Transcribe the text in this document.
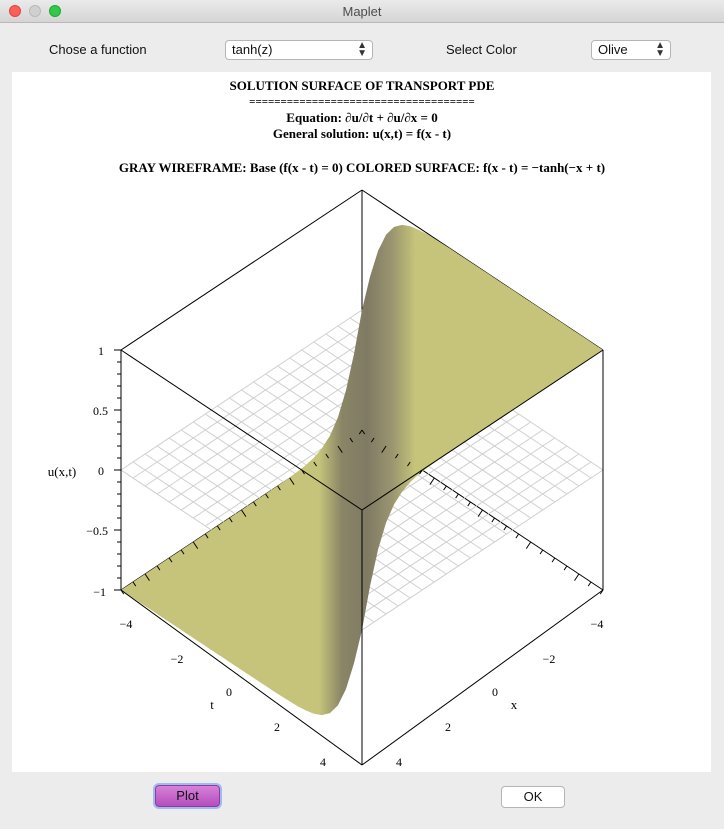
Maplet
Chose a function	tanh(z)	▲
▼	Select Color	Olive	▲
▼
SOLUTION SURFACE OF TRANSPORT PDE
====================================
Equation: ∂u/∂t + ∂u/∂x = 0
General solution: u(x,t) = f(x - t)
GRAY WIREFRAME: Base (f(x - t) = 0) COLORED SURFACE: f(x - t) = −tanh(−x + t)
1
0.5
0
−0.5
−1
u(x,t)
−4
−2
0
2
4
t
−4
−2
0
2
4
x
Plot	OK
